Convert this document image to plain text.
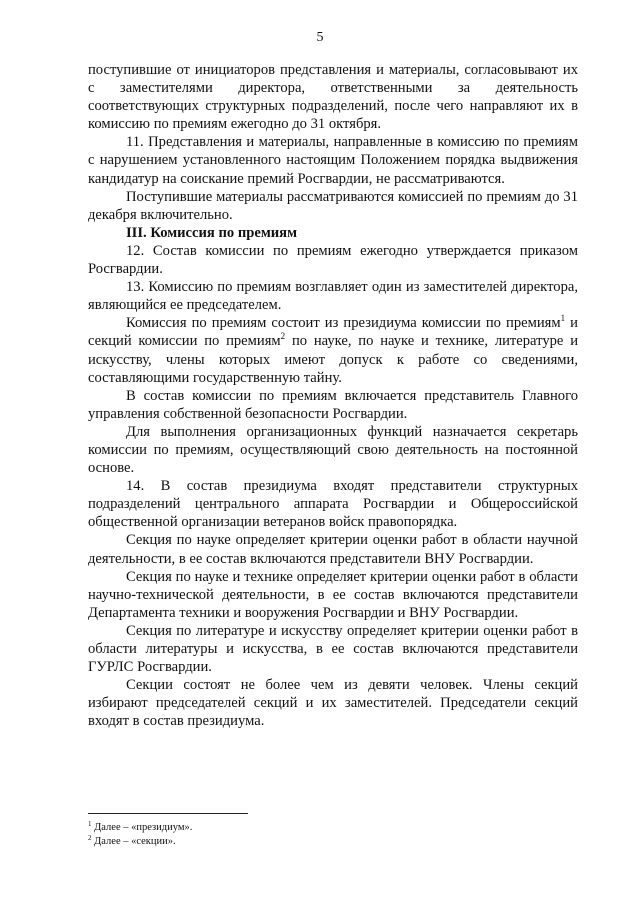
5

поступившие от инициаторов представления и материалы, согласовывают их с заместителями директора, ответственными за деятельность соответствующих структурных подразделений, после чего направляют их в комиссию по премиям ежегодно до 31 октября.

11. Представления и материалы, направленные в комиссию по премиям с нарушением установленного настоящим Положением порядка выдвижения кандидатур на соискание премий Росгвардии, не рассматриваются.

Поступившие материалы рассматриваются комиссией по премиям до 31 декабря включительно.

III. Комиссия по премиям

12. Состав комиссии по премиям ежегодно утверждается приказом Росгвардии.

13. Комиссию по премиям возглавляет один из заместителей директора, являющийся ее председателем.

Комиссия по премиям состоит из президиума комиссии по премиям$^1$ и секций комиссии по премиям$^2$ по науке, по науке и технике, литературе и искусству, члены которых имеют допуск к работе со сведениями, составляющими государственную тайну.

В состав комиссии по премиям включается представитель Главного управления собственной безопасности Росгвардии.

Для выполнения организационных функций назначается секретарь комиссии по премиям, осуществляющий свою деятельность на постоянной основе.

14. В состав президиума входят представители структурных подразделений центрального аппарата Росгвардии и Общероссийской общественной организации ветеранов войск правопорядка.

Секция по науке определяет критерии оценки работ в области научной деятельности, в ее состав включаются представители ВНУ Росгвардии.

Секция по науке и технике определяет критерии оценки работ в области научно-технической деятельности, в ее состав включаются представители Департамента техники и вооружения Росгвардии и ВНУ Росгвардии.

Секция по литературе и искусству определяет критерии оценки работ в области литературы и искусства, в ее состав включаются представители ГУРЛС Росгвардии.

Секции состоят не более чем из девяти человек. Члены секций избирают председателей секций и их заместителей. Председатели секций входят в состав президиума.

$^1$ Далее – «президиум».
$^2$ Далее – «секции».
